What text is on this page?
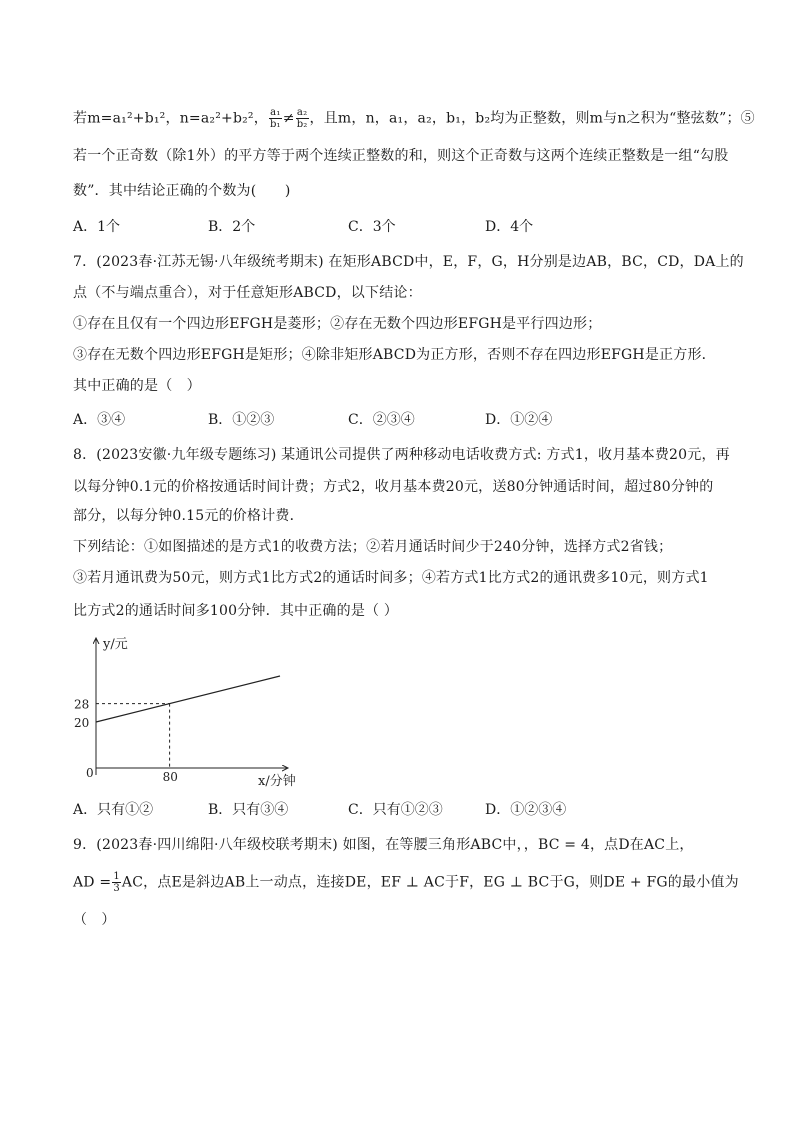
若m=a₁²+b₁²，n=a₂²+b₂²， $\frac{\text{a₁}}{\text{b₁}} \ne \frac{\text{a₂}}{\text{b₂}}$ ，且m，n，a₁，a₂，b₁，b₂均为正整数，则m与n之积为“整弦数”；⑤
若一个正奇数（除1外）的平方等于两个连续正整数的和，则这个正奇数与这两个连续正整数是一组“勾股
数”．其中结论正确的个数为(　　)
A．1个	B．2个	C．3个	D．4个
7．(2023春·江苏无锡·八年级统考期末) 在矩形ABCD中，E，F，G，H分别是边AB，BC，CD，DA上的
点（不与端点重合），对于任意矩形ABCD，以下结论：
①存在且仅有一个四边形EFGH是菱形；②存在无数个四边形EFGH是平行四边形；
③存在无数个四边形EFGH是矩形；④除非矩形ABCD为正方形，否则不存在四边形EFGH是正方形．
其中正确的是（　）
A．③④	B．①②③	C．②③④	D．①②④
8．(2023安徽·九年级专题练习) 某通讯公司提供了两种移动电话收费方式: 方式1，收月基本费20元，再
以每分钟0.1元的价格按通话时间计费；方式2，收月基本费20元，送80分钟通话时间，超过80分钟的
部分，以每分钟0.15元的价格计费．
下列结论：①如图描述的是方式1的收费方法；②若月通话时间少于240分钟，选择方式2省钱；
③若月通讯费为50元，则方式1比方式2的通话时间多；④若方式1比方式2的通讯费多10元，则方式1
比方式2的通话时间多100分钟．其中正确的是（ ）
y/元
x/分钟
0
20
28
80
A．只有①②	B．只有③④	C．只有①②③	D．①②③④
9．(2023春·四川绵阳·八年级校联考期末) 如图，在等腰三角形ABC中，，BC = 4，点D在AC上，
AD = $\frac{1}{3}$ AC，点E是斜边AB上一动点，连接DE，EF ⊥ AC于F，EG ⊥ BC于G，则DE + FG的最小值为
（　）
